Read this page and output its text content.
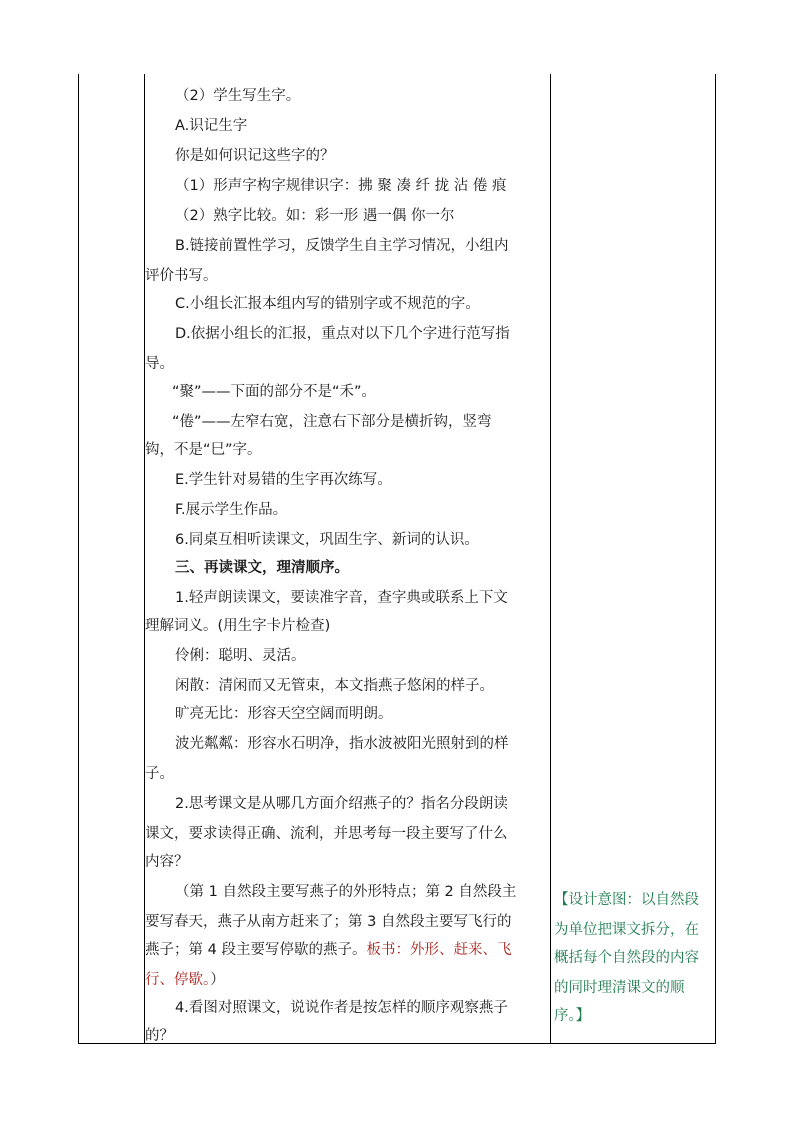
（2）学生写生字。
A.识记生字
你是如何识记这些字的？
（1）形声字构字规律识字：拂 聚 凑 纤 拢 沾 倦 痕
（2）熟字比较。如：彩一形 遇一偶 你一尔
B.链接前置性学习，反馈学生自主学习情况，小组内
评价书写。
C.小组长汇报本组内写的错别字或不规范的字。
D.依据小组长的汇报，重点对以下几个字进行范写指
导。
“聚”——下面的部分不是“禾”。
“倦”——左窄右宽，注意右下部分是横折钩，竖弯
钩，不是“巳”字。
E.学生针对易错的生字再次练写。
F.展示学生作品。
6.同桌互相听读课文，巩固生字、新词的认识。
三、再读课文，理清顺序。
1.轻声朗读课文，要读准字音，查字典或联系上下文
理解词义。(用生字卡片检查)
伶俐：聪明、灵活。
闲散：清闲而又无管束，本文指燕子悠闲的样子。
旷亮无比：形容天空空阔而明朗。
波光粼粼：形容水石明净，指水波被阳光照射到的样
子。
2.思考课文是从哪几方面介绍燕子的？指名分段朗读
课文，要求读得正确、流利，并思考每一段主要写了什么
内容？
（第 1 自然段主要写燕子的外形特点；第 2 自然段主
要写春天，燕子从南方赶来了；第 3 自然段主要写飞行的
燕子；第 4 段主要写停歇的燕子。板书：外形、赶来、飞
行、停歇。）
4.看图对照课文，说说作者是按怎样的顺序观察燕子
的？
【设计意图：以自然段
为单位把课文拆分，在
概括每个自然段的内容
的同时理清课文的顺
序。】
